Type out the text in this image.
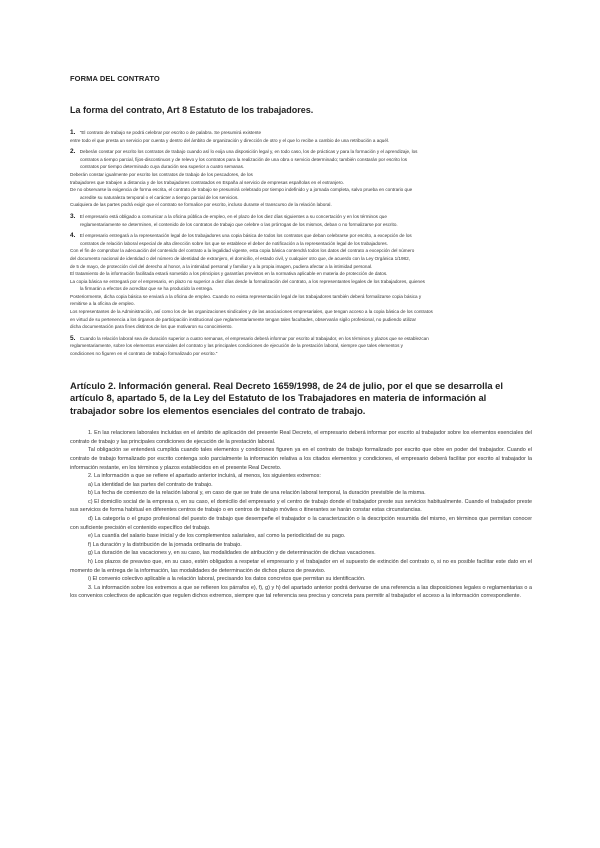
FORMA DEL CONTRATO
La forma del contrato, Art 8 Estatuto de los trabajadores.

1. "El contrato de trabajo se podrá celebrar por escrito o de palabra. Se presumirá existente

entre todo el que presta un servicio por cuenta y dentro del ámbito de organización y dirección de otro y el que lo recibe a cambio de una retribución a aquél.

2. Deberán constar por escrito los contratos de trabajo cuando así lo exija una disposición legal y, en todo caso, los de prácticas y para la formación y el aprendizaje, los

contratos a tiempo parcial, fijos-discontinuos y de relevo y los contratos para la realización de una obra o servicio determinado; también constarán por escrito los

contratos por tiempo determinado cuya duración sea superior a cuatro semanas.

Deberán constar igualmente por escrito los contratos de trabajo de los pescadores, de los

trabajadores que trabajen a distancia y de los trabajadores contratados en España al servicio de empresas españolas en el extranjero.

De no observarse la exigencia de forma escrita, el contrato de trabajo se presumirá celebrado por tiempo indefinido y a jornada completa, salvo prueba en contrario que

acredite su naturaleza temporal o el carácter a tiempo parcial de los servicios.

Cualquiera de las partes podrá exigir que el contrato se formalice por escrito, incluso durante el transcurso de la relación laboral.

3. El empresario está obligado a comunicar a la oficina pública de empleo, en el plazo de los diez días siguientes a su concertación y en los términos que

reglamentariamente se determinen, el contenido de los contratos de trabajo que celebre o las prórrogas de los mismos, deban o no formalizarse por escrito.

4. El empresario entregará a la representación legal de los trabajadores una copia básica de todos los contratos que deban celebrarse por escrito, a excepción de los

contratos de relación laboral especial de alta dirección sobre los que se establece el deber de notificación a la representación legal de los trabajadores.

Con el fin de comprobar la adecuación del contenido del contrato a la legalidad vigente, esta copia básica contendrá todos los datos del contrato a excepción del número

del documento nacional de identidad o del número de identidad de extranjero, el domicilio, el estado civil, y cualquier otro que, de acuerdo con la Ley Orgánica 1/1982,

de 5 de mayo, de protección civil del derecho al honor, a la intimidad personal y familiar y a la propia imagen, pudiera afectar a la intimidad personal.

El tratamiento de la información facilitada estará sometido a los principios y garantías previstos en la normativa aplicable en materia de protección de datos.

La copia básica se entregará por el empresario, en plazo no superior a diez días desde la formalización del contrato, a los representantes legales de los trabajadores, quienes

la firmarán a efectos de acreditar que se ha producido la entrega.

Posteriormente, dicha copia básica se enviará a la oficina de empleo. Cuando no exista representación legal de los trabajadores también deberá formalizarse copia básica y

remitirse a la oficina de empleo.

Los representantes de la Administración, así como los de las organizaciones sindicales y de las asociaciones empresariales, que tengan acceso a la copia básica de los contratos

en virtud de su pertenencia a los órganos de participación institucional que reglamentariamente tengan tales facultades, observarán sigilo profesional, no pudiendo utilizar

dicha documentación para fines distintos de los que motivaron su conocimiento.

5. Cuando la relación laboral sea de duración superior a cuatro semanas, el empresario deberá informar por escrito al trabajador, en los términos y plazos que se establezcan

reglamentariamente, sobre los elementos esenciales del contrato y las principales condiciones de ejecución de la prestación laboral, siempre que tales elementos y

condiciones no figuren en el contrato de trabajo formalizado por escrito."

Artículo 2. Información general. Real Decreto 1659/1998, de 24 de julio, por el que se desarrolla el artículo 8, apartado 5, de la Ley del Estatuto de los Trabajadores en materia de información al trabajador sobre los elementos esenciales del contrato de trabajo.

1. En las relaciones laborales incluidas en el ámbito de aplicación del presente Real Decreto, el empresario deberá informar por escrito al trabajador sobre los elementos esenciales del contrato de trabajo y las principales condiciones de ejecución de la prestación laboral.

Tal obligación se entenderá cumplida cuando tales elementos y condiciones figuren ya en el contrato de trabajo formalizado por escrito que obre en poder del trabajador. Cuando el contrato de trabajo formalizado por escrito contenga solo parcialmente la información relativa a los citados elementos y condiciones, el empresario deberá facilitar por escrito al trabajador la información restante, en los términos y plazos establecidos en el presente Real Decreto.

2. La información a que se refiere el apartado anterior incluirá, al menos, los siguientes extremos:

a) La identidad de las partes del contrato de trabajo.

b) La fecha de comienzo de la relación laboral y, en caso de que se trate de una relación laboral temporal, la duración previsible de la misma.

c) El domicilio social de la empresa o, en su caso, el domicilio del empresario y el centro de trabajo donde el trabajador preste sus servicios habitualmente. Cuando el trabajador preste sus servicios de forma habitual en diferentes centros de trabajo o en centros de trabajo móviles o itinerantes se harán constar estas circunstancias.

d) La categoría o el grupo profesional del puesto de trabajo que desempeñe el trabajador o la caracterización o la descripción resumida del mismo, en términos que permitan conocer con suficiente precisión el contenido específico del trabajo.

e) La cuantía del salario base inicial y de los complementos salariales, así como la periodicidad de su pago.

f) La duración y la distribución de la jornada ordinaria de trabajo.

g) La duración de las vacaciones y, en su caso, las modalidades de atribución y de determinación de dichas vacaciones.

h) Los plazos de preaviso que, en su caso, estén obligados a respetar el empresario y el trabajador en el supuesto de extinción del contrato o, si no es posible facilitar este dato en el momento de la entrega de la información, las modalidades de determinación de dichos plazos de preaviso.

i) El convenio colectivo aplicable a la relación laboral, precisando los datos concretos que permitan su identificación.

3. La información sobre los extremos a que se refieren los párrafos e), f), g) y h) del apartado anterior podrá derivarse de una referencia a las disposiciones legales o reglamentarias o a los convenios colectivos de aplicación que regulen dichos extremos, siempre que tal referencia sea precisa y concreta para permitir al trabajador el acceso a la información correspondiente.
